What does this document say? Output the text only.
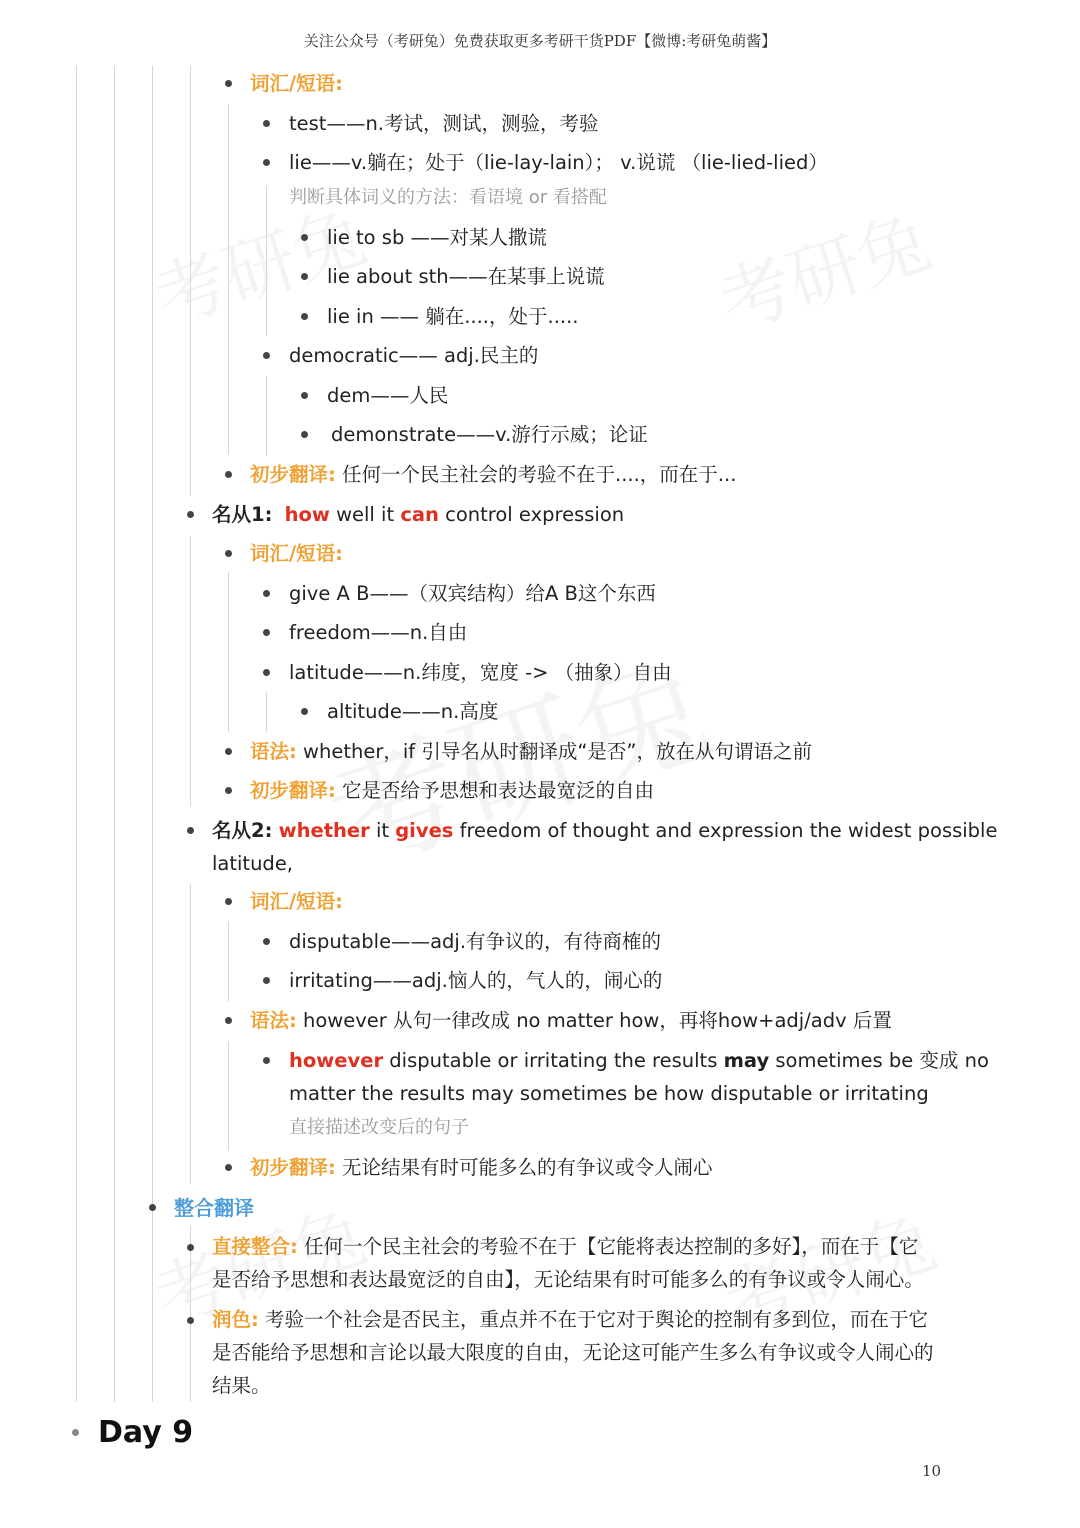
关注公众号（考研兔）免费获取更多考研干货PDF【微博:考研兔萌酱】
10
词汇/短语:
test——n.考试，测试，测验，考验
lie——v.躺在；处于（lie-lay-lain）； v.说谎 （lie-lied-lied）
判断具体词义的方法：看语境 or 看搭配
lie to sb ——对某人撒谎
lie about sth——在某事上说谎
lie in —— 躺在....，处于.....
democratic—— adj.民主的
dem——人民
demonstrate——v.游行示威；论证
初步翻译: 任何一个民主社会的考验不在于....，而在于...
名从1: how well it can control expression
词汇/短语:
give A B——（双宾结构）给A B这个东西
freedom——n.自由
latitude——n.纬度，宽度 -> （抽象）自由
altitude——n.高度
语法: whether，if 引导名从时翻译成“是否”，放在从句谓语之前
初步翻译: 它是否给予思想和表达最宽泛的自由
名从2: whether it gives freedom of thought and expression the widest possible
latitude,
词汇/短语:
disputable——adj.有争议的，有待商榷的
irritating——adj.恼人的，气人的，闹心的
语法: however 从句一律改成 no matter how，再将how+adj/adv 后置
however disputable or irritating the results may sometimes be 变成 no
matter the results may sometimes be how disputable or irritating
直接描述改变后的句子
初步翻译: 无论结果有时可能多么的有争议或令人闹心
整合翻译
直接整合: 任何一个民主社会的考验不在于【它能将表达控制的多好】，而在于【它
是否给予思想和表达最宽泛的自由】，无论结果有时可能多么的有争议或令人闹心。
润色: 考验一个社会是否民主，重点并不在于它对于舆论的控制有多到位，而在于它
是否能给予思想和言论以最大限度的自由，无论这可能产生多么有争议或令人闹心的
结果。
Day 9
